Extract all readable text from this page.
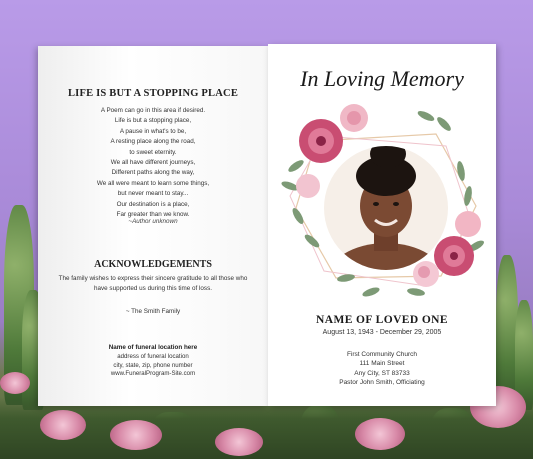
LIFE IS BUT A STOPPING PLACE
A Poem can go in this area if desired.
Life is but a stopping place,
A pause in what's to be,
A resting place along the road,
to sweet eternity.
We all have different journeys,
Different paths along the way,
We all were meant to learn some things,
but never meant to stay...
Our destination is a place,
Far greater than we know.
~Author unknown
ACKNOWLEDGEMENTS
The family wishes to express their sincere gratitude to all those who have supported us during this time of loss.
~ The Smith Family
Name of funeral location here
address of funeral location
city, state, zip, phone number
www.FuneralProgram-Site.com
In Loving Memory
NAME OF LOVED ONE
August 13, 1943 - December 29, 2005
First Community Church
111 Main Street
Any City, ST 83733
Pastor John Smith, Officiating
